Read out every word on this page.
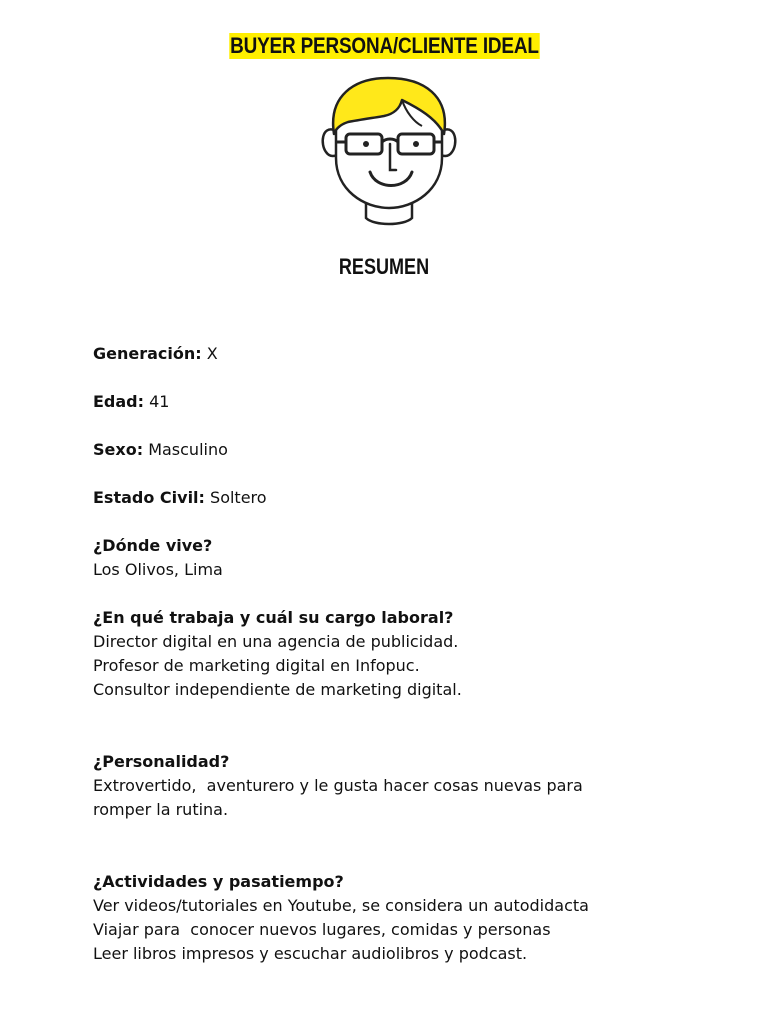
BUYER PERSONA/CLIENTE IDEAL
RESUMEN

Generación: X

Edad: 41

Sexo: Masculino

Estado Civil: Soltero

¿Dónde vive?

Los Olivos, Lima

¿En qué trabaja y cuál su cargo laboral?

Director digital en una agencia de publicidad.

Profesor de marketing digital en Infopuc.

Consultor independiente de marketing digital.

¿Personalidad?

Extrovertido,  aventurero y le gusta hacer cosas nuevas para

romper la rutina.

¿Actividades y pasatiempo?

Ver videos/tutoriales en Youtube, se considera un autodidacta

Viajar para  conocer nuevos lugares, comidas y personas

Leer libros impresos y escuchar audiolibros y podcast.
